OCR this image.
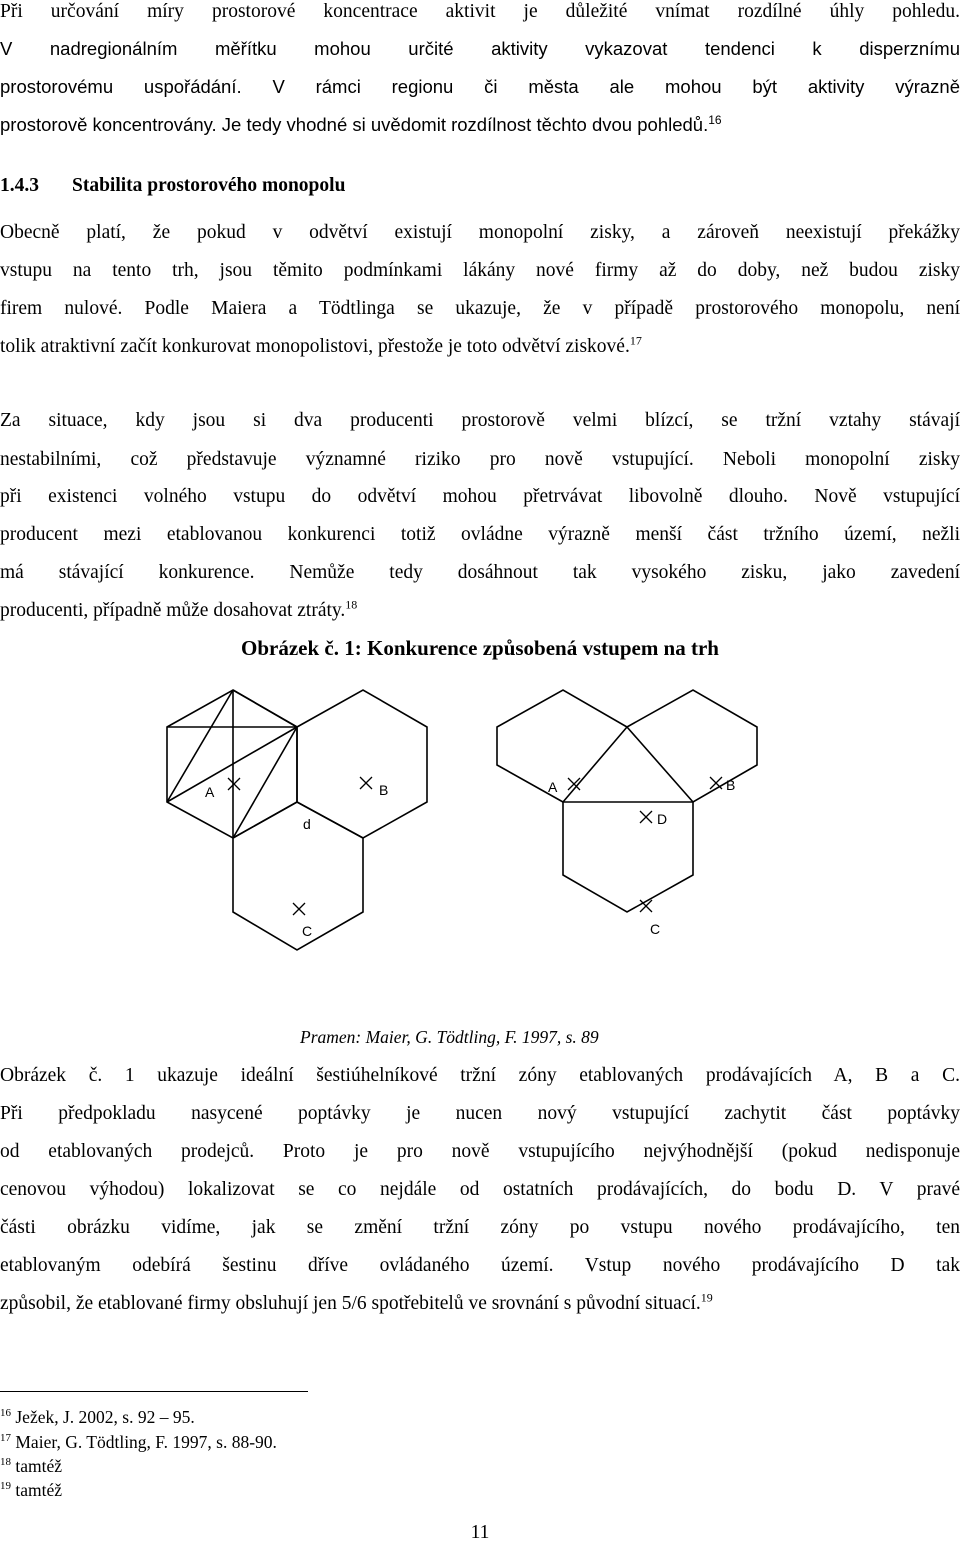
Při určování míry prostorové koncentrace aktivit je důležité vnímat rozdílné úhly pohledu.
V nadregionálním měřítku mohou určité aktivity vykazovat tendenci k disperznímu
prostorovému uspořádání. V rámci regionu či města ale mohou být aktivity výrazně
prostorově koncentrovány. Je tedy vhodné si uvědomit rozdílnost těchto dvou pohledů.$^{16}$
1.4.3 Stabilita prostorového monopolu
Obecně platí, že pokud v odvětví existují monopolní zisky, a zároveň neexistují překážky
vstupu na tento trh, jsou těmito podmínkami lákány nové firmy až do doby, než budou zisky
firem nulové. Podle Maiera a Tödtlinga se ukazuje, že v případě prostorového monopolu, není
tolik atraktivní začít konkurovat monopolistovi, přestože je toto odvětví ziskové.$^{17}$
Za situace, kdy jsou si dva producenti prostorově velmi blízcí, se tržní vztahy stávají
nestabilními, což představuje významné riziko pro nově vstupující. Neboli monopolní zisky
při existenci volného vstupu do odvětví mohou přetrvávat libovolně dlouho. Nově vstupující
producent mezi etablovanou konkurenci totiž ovládne výrazně menší část tržního území, nežli
má stávající konkurence. Nemůže tedy dosáhnout tak vysokého zisku, jako zavedení
producenti, případně může dosahovat ztráty.$^{18}$
Obrázek č. 1: Konkurence způsobená vstupem na trh
A	B
d
C
A	B
D
C
Pramen: Maier, G. Tödtling, F. 1997, s. 89
Obrázek č. 1 ukazuje ideální šestiúhelníkové tržní zóny etablovaných prodávajících A, B a C.
Při předpokladu nasycené poptávky je nucen nový vstupující zachytit část poptávky
od etablovaných prodejců. Proto je pro nově vstupujícího nejvýhodnější (pokud nedisponuje
cenovou výhodou) lokalizovat se co nejdále od ostatních prodávajících, do bodu D. V pravé
části obrázku vidíme, jak se změní tržní zóny po vstupu nového prodávajícího, ten
etablovaným odebírá šestinu dříve ovládaného území. Vstup nového prodávajícího D tak
způsobil, že etablované firmy obsluhují jen 5/6 spotřebitelů ve srovnání s původní situací.$^{19}$
$^{16}$ Ježek, J. 2002, s. 92 – 95.
$^{17}$ Maier, G. Tödtling, F. 1997, s. 88-90.
$^{18}$ tamtéž
$^{19}$ tamtéž
11
